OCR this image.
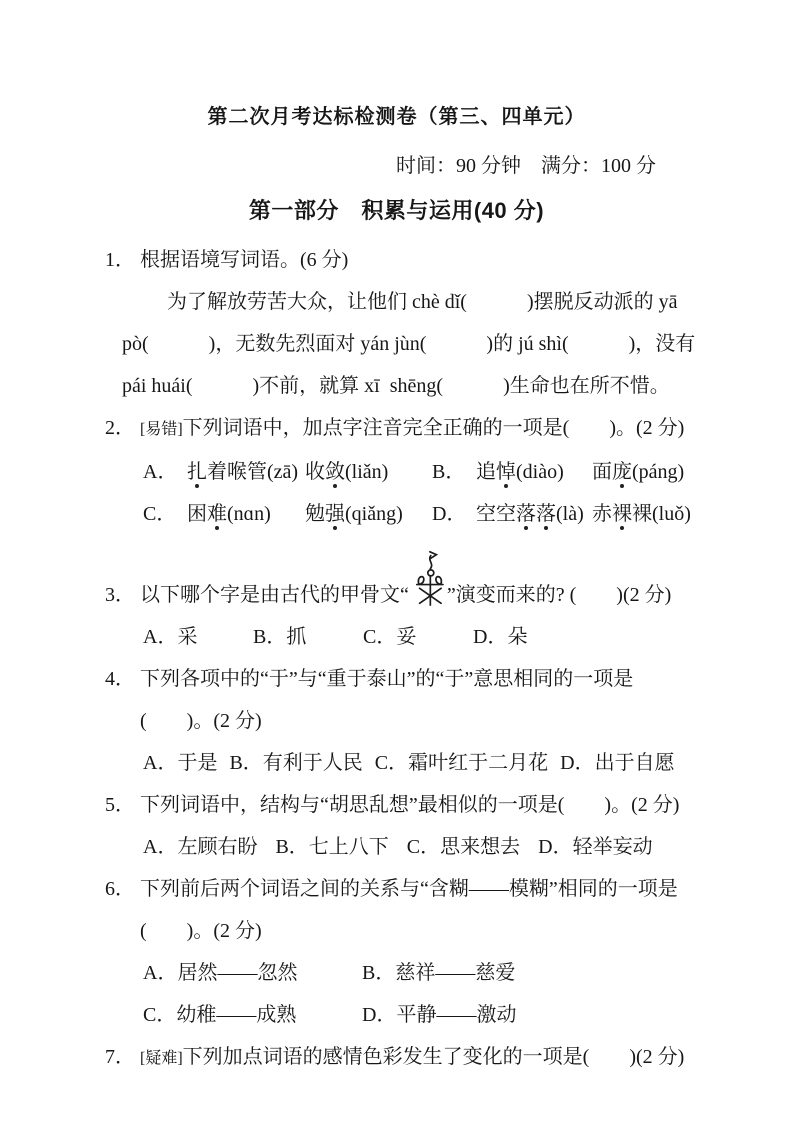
第二次月考达标检测卷（第三、四单元）
时间：90 分钟　满分：100 分
第一部分　积累与运用(40 分)
1． 根据语境写词语。(6 分)
为了解放劳苦大众，让他们 chè dǐ(　　　)摆脱反动派的 yā
pò(　　　)，无数先烈面对 yán jùn(　　　)的 jú shì(　　　)，没有
pái huái(　　　)不前，就算 xī  shēng(　　　)生命也在所不惜。
2． [易错]下列词语中，加点字注音完全正确的一项是(　　)。(2 分)
A． 扎着喉管(zā) 收敛(liǎn)	B． 追悼(diào)	面庞(páng)
C． 困难(nɑn)	勉强(qiǎng)	D． 空空落落(là) 赤裸裸(luǒ)
3． 以下哪个字是由古代的甲骨文“ ”演变而来的? (　　)(2 分)
A．采	B．抓	C．妥	D．朵
4． 下列各项中的“于”与“重于泰山”的“于”意思相同的一项是
(　　)。(2 分)
A．于是 B．有利于人民 C．霜叶红于二月花 D．出于自愿
5． 下列词语中，结构与“胡思乱想”最相似的一项是(　　)。(2 分)
A．左顾右盼 B．七上八下 C．思来想去 D．轻举妄动
6． 下列前后两个词语之间的关系与“含糊——模糊”相同的一项是
(　　)。(2 分)
A．居然——忽然	B．慈祥——慈爱
C．幼稚——成熟	D．平静——激动
7． [疑难]下列加点词语的感情色彩发生了变化的一项是(　　)(2 分)
